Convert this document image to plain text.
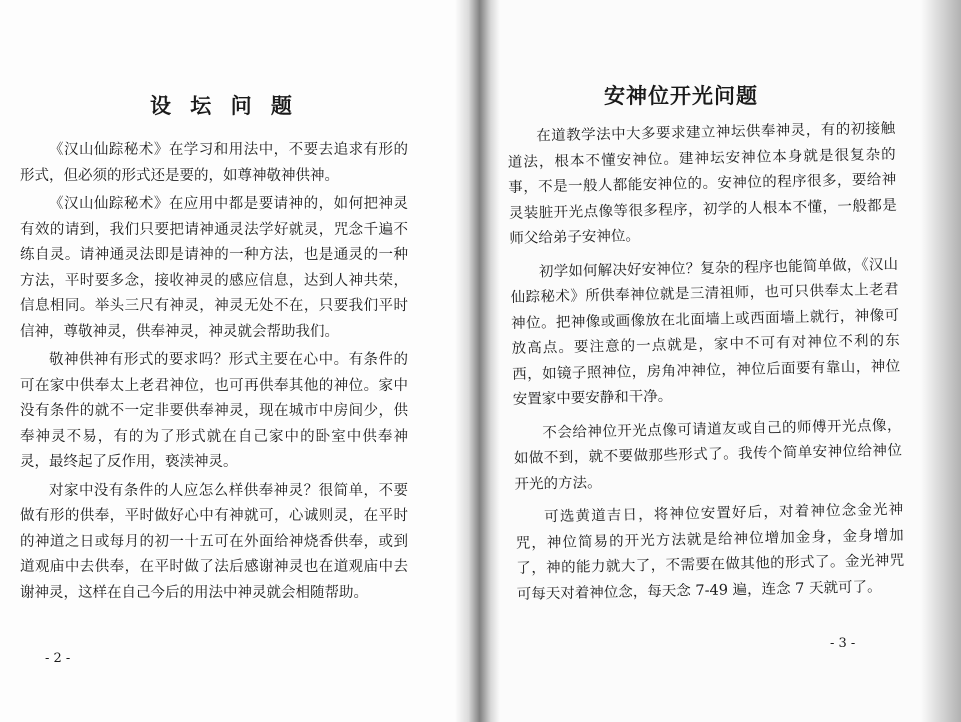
设 坛 问 题

《汉山仙踪秘术》在学习和用法中，不要去追求有形的形式，但必须的形式还是要的，如尊神敬神供神。

《汉山仙踪秘术》在应用中都是要请神的，如何把神灵有效的请到，我们只要把请神通灵法学好就灵，咒念千遍不练自灵。请神通灵法即是请神的一种方法，也是通灵的一种方法，平时要多念，接收神灵的感应信息，达到人神共荣，信息相同。举头三尺有神灵，神灵无处不在，只要我们平时信神，尊敬神灵，供奉神灵，神灵就会帮助我们。

敬神供神有形式的要求吗？形式主要在心中。有条件的可在家中供奉太上老君神位，也可再供奉其他的神位。家中没有条件的就不一定非要供奉神灵，现在城市中房间少，供奉神灵不易，有的为了形式就在自己家中的卧室中供奉神灵，最终起了反作用，亵渎神灵。

对家中没有条件的人应怎么样供奉神灵？很简单，不要做有形的供奉，平时做好心中有神就可，心诚则灵，在平时的神道之日或每月的初一十五可在外面给神烧香供奉，或到道观庙中去供奉，在平时做了法后感谢神灵也在道观庙中去谢神灵，这样在自己今后的用法中神灵就会相随帮助。

- 2 -
安神位开光问题

在道教学法中大多要求建立神坛供奉神灵，有的初接触道法，根本不懂安神位。建神坛安神位本身就是很复杂的事，不是一般人都能安神位的。安神位的程序很多，要给神灵装脏开光点像等很多程序，初学的人根本不懂，一般都是师父给弟子安神位。

初学如何解决好安神位？复杂的程序也能简单做，《汉山仙踪秘术》所供奉神位就是三清祖师，也可只供奉太上老君神位。把神像或画像放在北面墙上或西面墙上就行，神像可放高点。要注意的一点就是，家中不可有对神位不利的东西，如镜子照神位，房角冲神位，神位后面要有靠山，神位安置家中要安静和干净。

不会给神位开光点像可请道友或自己的师傅开光点像，如做不到，就不要做那些形式了。我传个简单安神位给神位开光的方法。

可选黄道吉日，将神位安置好后，对着神位念金光神咒，神位简易的开光方法就是给神位增加金身，金身增加了，神的能力就大了，不需要在做其他的形式了。金光神咒可每天对着神位念，每天念 7-49 遍，连念 7 天就可了。

- 3 -
